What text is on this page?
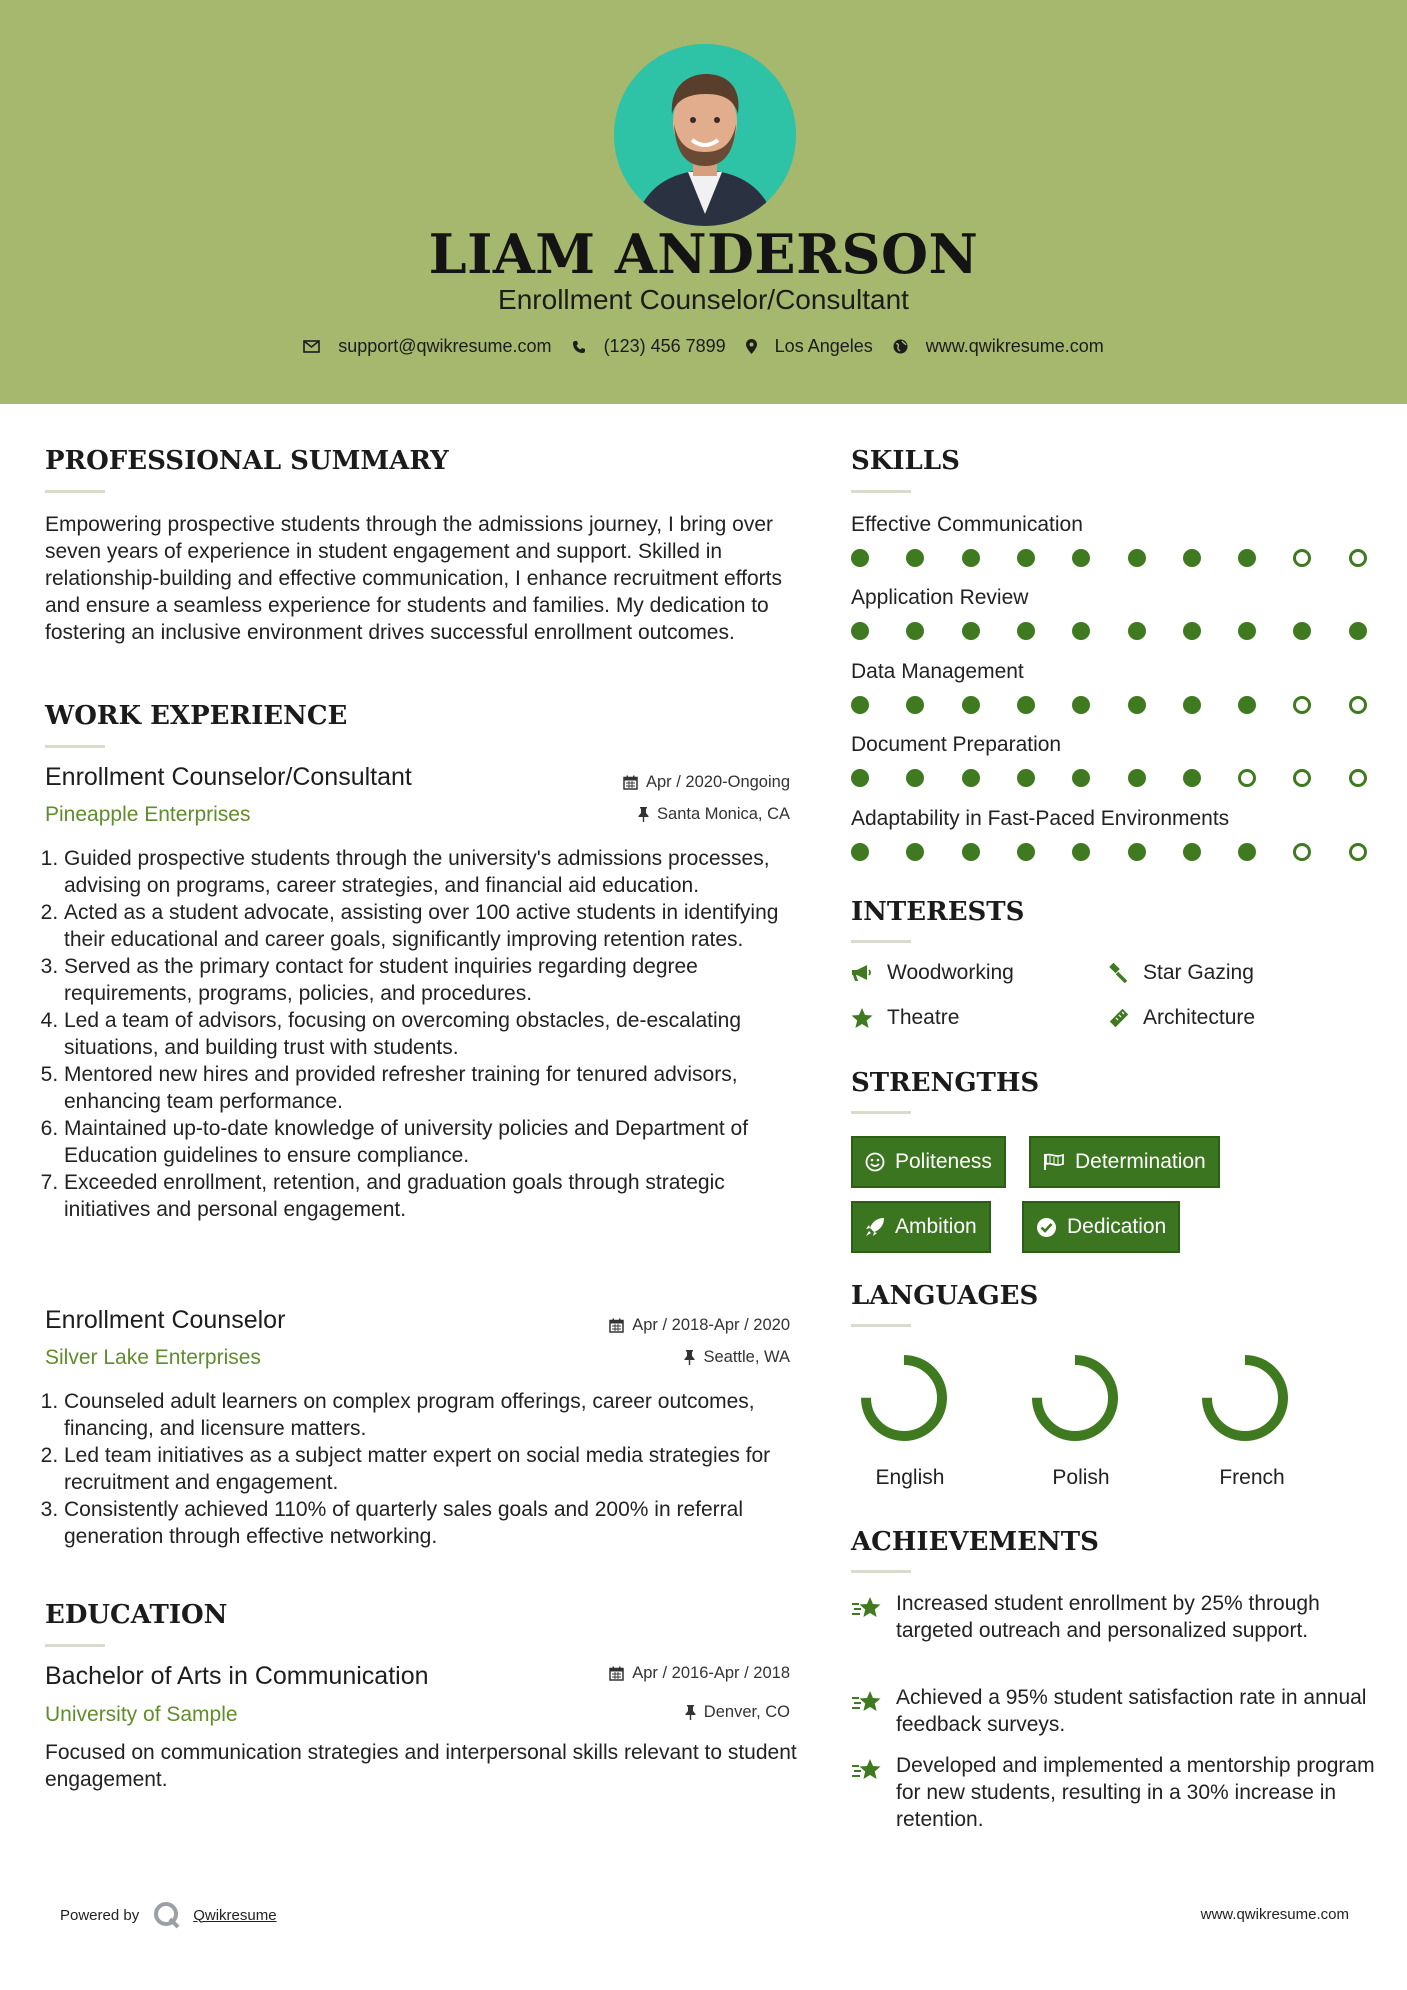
LIAM ANDERSON
Enrollment Counselor/Consultant
support@qwikresume.com	(123) 456 7899	Los Angeles	www.qwikresume.com
PROFESSIONAL SUMMARY
Empowering prospective students through the admissions journey, I bring over seven years of experience in student engagement and support. Skilled in relationship-building and effective communication, I enhance recruitment efforts and ensure a seamless experience for students and families. My dedication to fostering an inclusive environment drives successful enrollment outcomes.
WORK EXPERIENCE
Enrollment Counselor/Consultant	Apr / 2020-Ongoing
Pineapple Enterprises	Santa Monica, CA
1. Guided prospective students through the university's admissions processes, advising on programs, career strategies, and financial aid education.
2. Acted as a student advocate, assisting over 100 active students in identifying their educational and career goals, significantly improving retention rates.
3. Served as the primary contact for student inquiries regarding degree requirements, programs, policies, and procedures.
4. Led a team of advisors, focusing on overcoming obstacles, de-escalating situations, and building trust with students.
5. Mentored new hires and provided refresher training for tenured advisors, enhancing team performance.
6. Maintained up-to-date knowledge of university policies and Department of Education guidelines to ensure compliance.
7. Exceeded enrollment, retention, and graduation goals through strategic initiatives and personal engagement.
Enrollment Counselor	Apr / 2018-Apr / 2020
Silver Lake Enterprises	Seattle, WA
1. Counseled adult learners on complex program offerings, career outcomes, financing, and licensure matters.
2. Led team initiatives as a subject matter expert on social media strategies for recruitment and engagement.
3. Consistently achieved 110% of quarterly sales goals and 200% in referral generation through effective networking.
EDUCATION
Bachelor of Arts in Communication	Apr / 2016-Apr / 2018
University of Sample	Denver, CO
Focused on communication strategies and interpersonal skills relevant to student engagement.
SKILLS
Effective Communication
Application Review
Data Management
Document Preparation
Adaptability in Fast-Paced Environments
INTERESTS
Woodworking	Star Gazing
Theatre	Architecture
STRENGTHS
Politeness	Determination
Ambition	Dedication
LANGUAGES
English	Polish	French
ACHIEVEMENTS
Increased student enrollment by 25% through targeted outreach and personalized support.
Achieved a 95% student satisfaction rate in annual feedback surveys.
Developed and implemented a mentorship program for new students, resulting in a 30% increase in retention.
Powered by	Qwikresume	www.qwikresume.com
